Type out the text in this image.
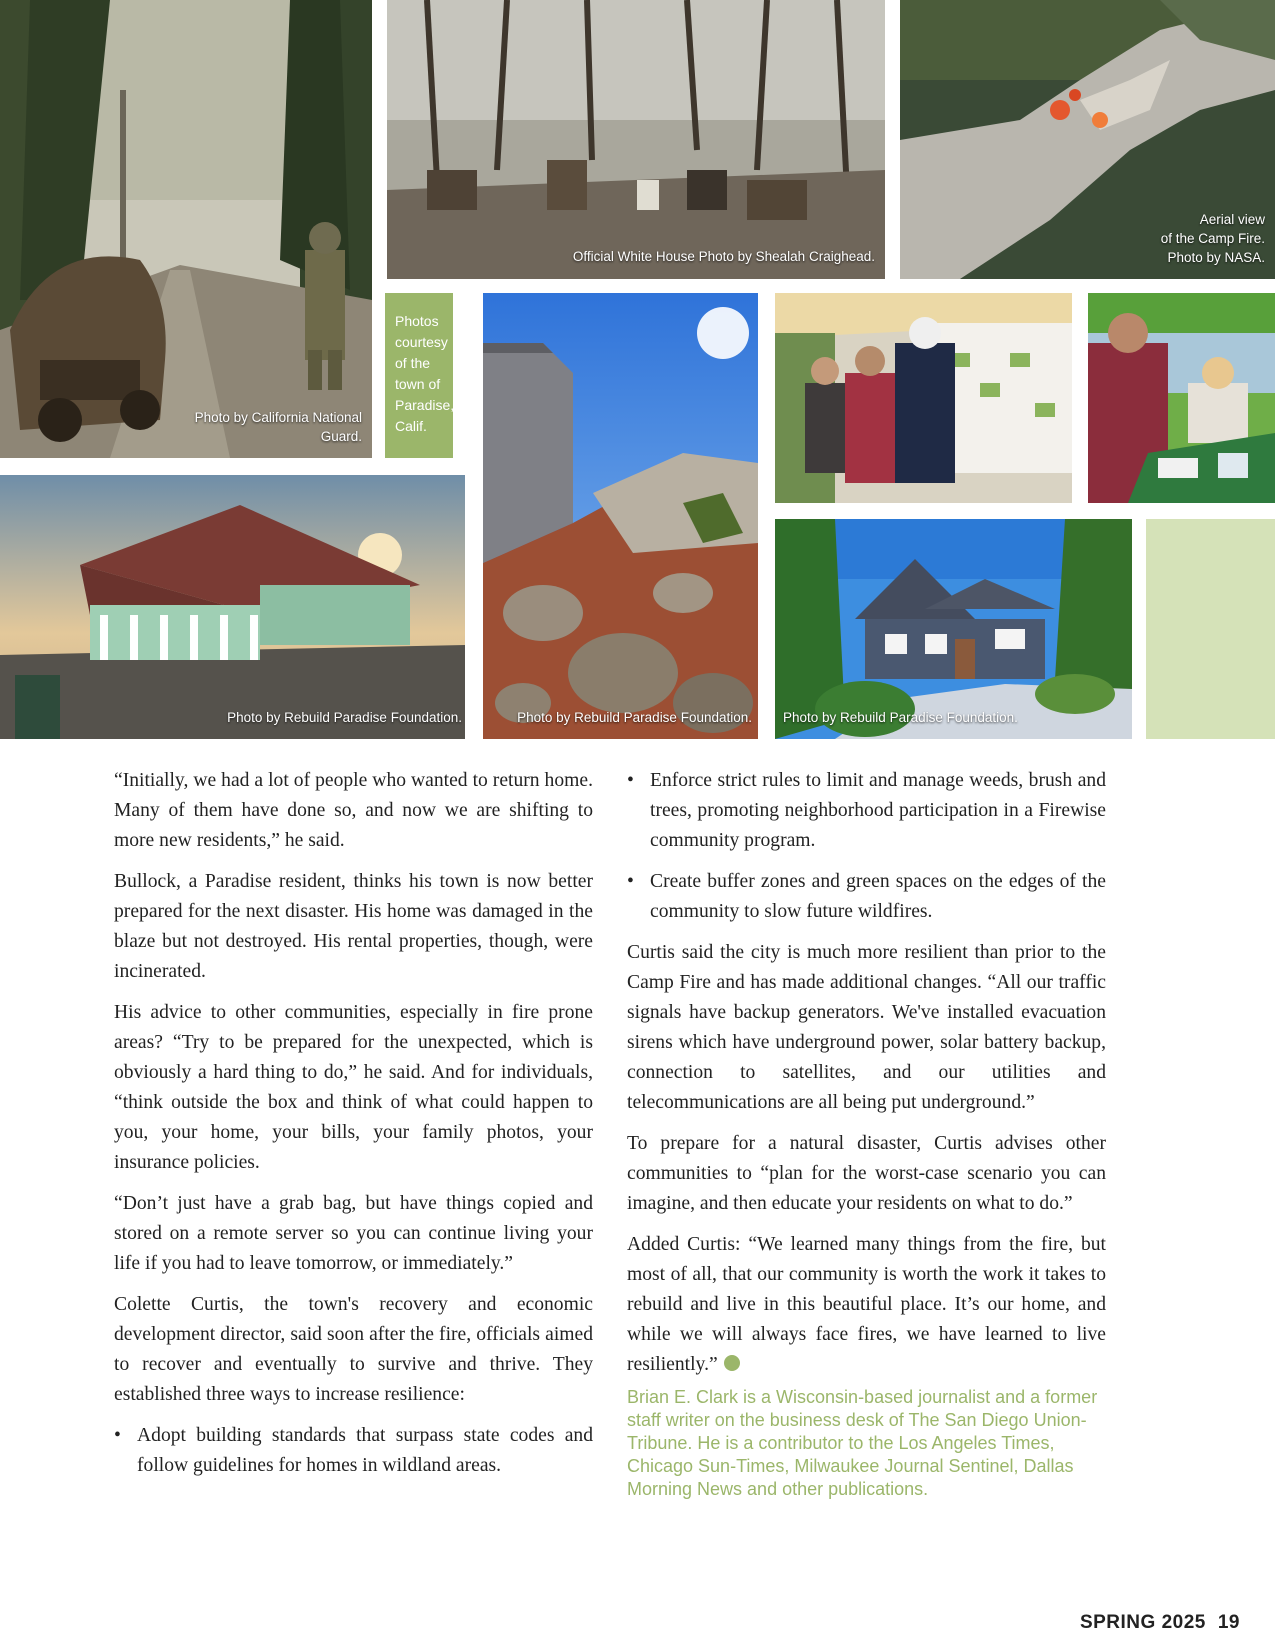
Photo by California National Guard.
Official White House Photo by Shealah Craighead.
Aerial view
of the Camp Fire.
Photo by NASA.
Photos courtesy of the town of Paradise, Calif.
Photo by Rebuild Paradise Foundation.	Photo by Rebuild Paradise Foundation. Photo by Rebuild Paradise Foundation.

“Initially, we had a lot of people who wanted to return home. Many of them have done so, and now we are shifting to more new residents,” he said.

Bullock, a Paradise resident, thinks his town is now better prepared for the next disaster. His home was damaged in the blaze but not destroyed. His rental properties, though, were incinerated.

His advice to other communities, especially in fire prone areas? “Try to be prepared for the unexpected, which is obviously a hard thing to do,” he said. And for individuals, “think outside the box and think of what could happen to you, your home, your bills, your family photos, your insurance policies.

“Don’t just have a grab bag, but have things copied and stored on a remote server so you can continue living your life if you had to leave tomorrow, or immediately.”

Colette Curtis, the town's recovery and economic development director, said soon after the fire, officials aimed to recover and eventually to survive and thrive. They established three ways to increase resilience:

• Adopt building standards that surpass state codes and follow guidelines for homes in wildland areas.
• Enforce strict rules to limit and manage weeds, brush and trees, promoting neighborhood participation in a Firewise community program.
• Create buffer zones and green spaces on the edges of the community to slow future wildfires.

Curtis said the city is much more resilient than prior to the Camp Fire and has made additional changes. “All our traffic signals have backup generators. We've installed evacuation sirens which have underground power, solar battery backup, connection to satellites, and our utilities and telecommunications are all being put underground.”

To prepare for a natural disaster, Curtis advises other communities to “plan for the worst-case scenario you can imagine, and then educate your residents on what to do.”

Added Curtis: “We learned many things from the fire, but most of all, that our community is worth the work it takes to rebuild and live in this beautiful place. It’s our home, and while we will always face fires, we have learned to live resiliently.”

Brian E. Clark is a Wisconsin-based journalist and a former staff writer on the business desk of The San Diego Union-Tribune. He is a contributor to the Los Angeles Times, Chicago Sun-Times, Milwaukee Journal Sentinel, Dallas Morning News and other publications.

SPRING 2025 19
